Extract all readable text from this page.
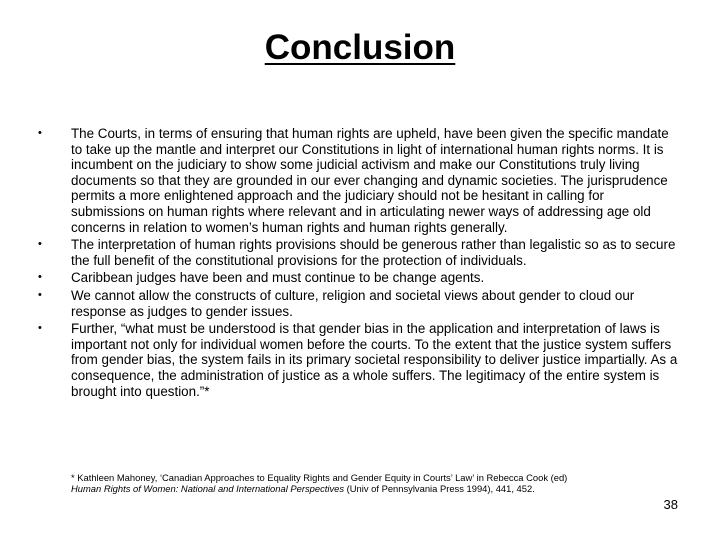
Conclusion
• The Courts, in terms of ensuring that human rights are upheld, have been given the specific mandate to take up the mantle and interpret our Constitutions in light of international human rights norms. It is incumbent on the judiciary to show some judicial activism and make our Constitutions truly living documents so that they are grounded in our ever changing and dynamic societies. The jurisprudence permits a more enlightened approach and the judiciary should not be hesitant in calling for submissions on human rights where relevant and in articulating newer ways of addressing age old concerns in relation to women’s human rights and human rights generally.
• The interpretation of human rights provisions should be generous rather than legalistic so as to secure the full benefit of the constitutional provisions for the protection of individuals.
• Caribbean judges have been and must continue to be change agents.
• We cannot allow the constructs of culture, religion and societal views about gender to cloud our response as judges to gender issues.
• Further, “what must be understood is that gender bias in the application and interpretation of laws is important not only for individual women before the courts. To the extent that the justice system suffers from gender bias, the system fails in its primary societal responsibility to deliver justice impartially. As a consequence, the administration of justice as a whole suffers. The legitimacy of the entire system is brought into question.”*
* Kathleen Mahoney, ‘Canadian Approaches to Equality Rights and Gender Equity in Courts’ Law’ in Rebecca Cook (ed)
Human Rights of Women: National and International Perspectives (Univ of Pennsylvania Press 1994), 441, 452.
38
